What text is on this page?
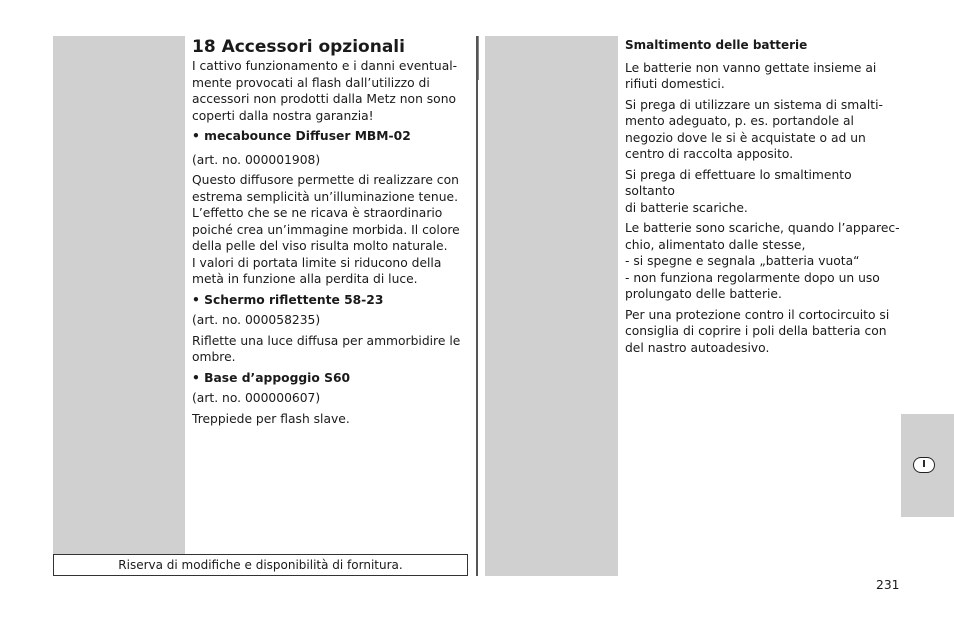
18 Accessori opzionali

I cattivo funzionamento e i danni eventual-
mente provocati al flash dall’utilizzo di
accessori non prodotti dalla Metz non sono
coperti dalla nostra garanzia!

• mecabounce Diffuser MBM-02

(art. no. 000001908)

Questo diffusore permette di realizzare con
estrema semplicità un’illuminazione tenue.
L’effetto che se ne ricava è straordinario
poiché crea un’immagine morbida. Il colore
della pelle del viso risulta molto naturale.
I valori di portata limite si riducono della
metà in funzione alla perdita di luce.

• Schermo riflettente 58-23

(art. no. 000058235)

Riflette una luce diffusa per ammorbidire le
ombre.

• Base d’appoggio S60

(art. no. 000000607)

Treppiede per flash slave.

Smaltimento delle batterie

Le batterie non vanno gettate insieme ai
rifiuti domestici.

Si prega di utilizzare un sistema di smalti-
mento adeguato, p. es. portandole al
negozio dove le si è acquistate o ad un
centro di raccolta apposito.

Si prega di effettuare lo smaltimento soltanto
di batterie scariche.

Le batterie sono scariche, quando l’apparec-
chio, alimentato dalle stesse,
- si spegne e segnala „batteria vuota“
- non funziona regolarmente dopo un uso
prolungato delle batterie.

Per una protezione contro il cortocircuito si
consiglia di coprire i poli della batteria con
del nastro autoadesivo.

Riserva di modifiche e disponibilità di fornitura.
I
231
